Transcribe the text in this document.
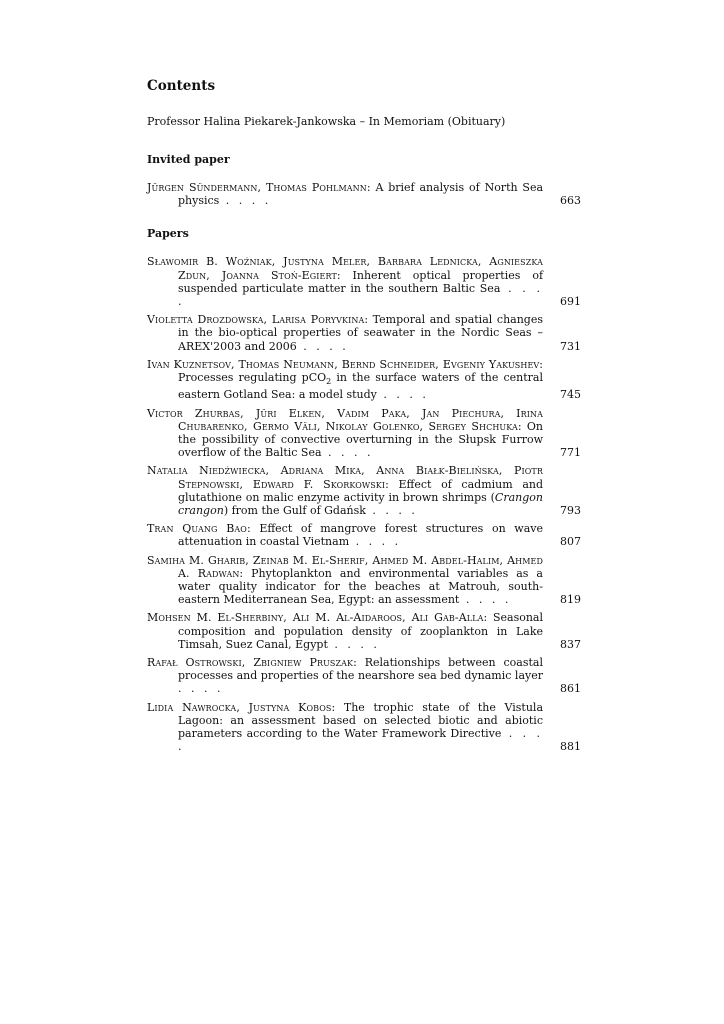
Contents
Professor Halina Piekarek-Jankowska – In Memoriam (Obituary)
Invited paper
Jürgen Sündermann, Thomas Pohlmann: A brief analysis of North Sea physics . . . .	663
Papers
Sławomir B. Woźniak, Justyna Meler, Barbara Lednicka, Agnieszka Zdun, Joanna Stoń-Egiert: Inherent optical properties of suspended particulate matter in the southern Baltic Sea . . . .	691
Violetta Drozdowska, Larisa Poryvkina: Temporal and spatial changes in the bio-optical properties of seawater in the Nordic Seas – AREX'2003 and 2006 . . . .	731
Ivan Kuznetsov, Thomas Neumann, Bernd Schneider, Evgeniy Yakushev: Processes regulating pCO$_2$ in the surface waters of the central eastern Gotland Sea: a model study . . . .	745
Victor Zhurbas, Jüri Elken, Vadim Paka, Jan Piechura, Irina Chubarenko, Germo Väli, Nikolay Golenko, Sergey Shchuka: On the possibility of convective overturning in the Słupsk Furrow overflow of the Baltic Sea . . . .	771
Natalia Niedźwiecka, Adriana Mika, Anna Białk-Bielińska, Piotr Stepnowski, Edward F. Skorkowski: Effect of cadmium and glutathione on malic enzyme activity in brown shrimps (Crangon crangon) from the Gulf of Gdańsk . . . .	793
Tran Quang Bao: Effect of mangrove forest structures on wave attenuation in coastal Vietnam . . . .	807
Samiha M. Gharib, Zeinab M. El-Sherif, Ahmed M. Abdel-Halim, Ahmed A. Radwan: Phytoplankton and environmental variables as a water quality indicator for the beaches at Matrouh, south-eastern Mediterranean Sea, Egypt: an assessment . . . .	819
Mohsen M. El-Sherbiny, Ali M. Al-Aidaroos, Ali Gab-Alla: Seasonal composition and population density of zooplankton in Lake Timsah, Suez Canal, Egypt . . . .	837
Rafał Ostrowski, Zbigniew Pruszak: Relationships between coastal processes and properties of the nearshore sea bed dynamic layer . . . .	861
Lidia Nawrocka, Justyna Kobos: The trophic state of the Vistula Lagoon: an assessment based on selected biotic and abiotic parameters according to the Water Framework Directive . . . .	881
